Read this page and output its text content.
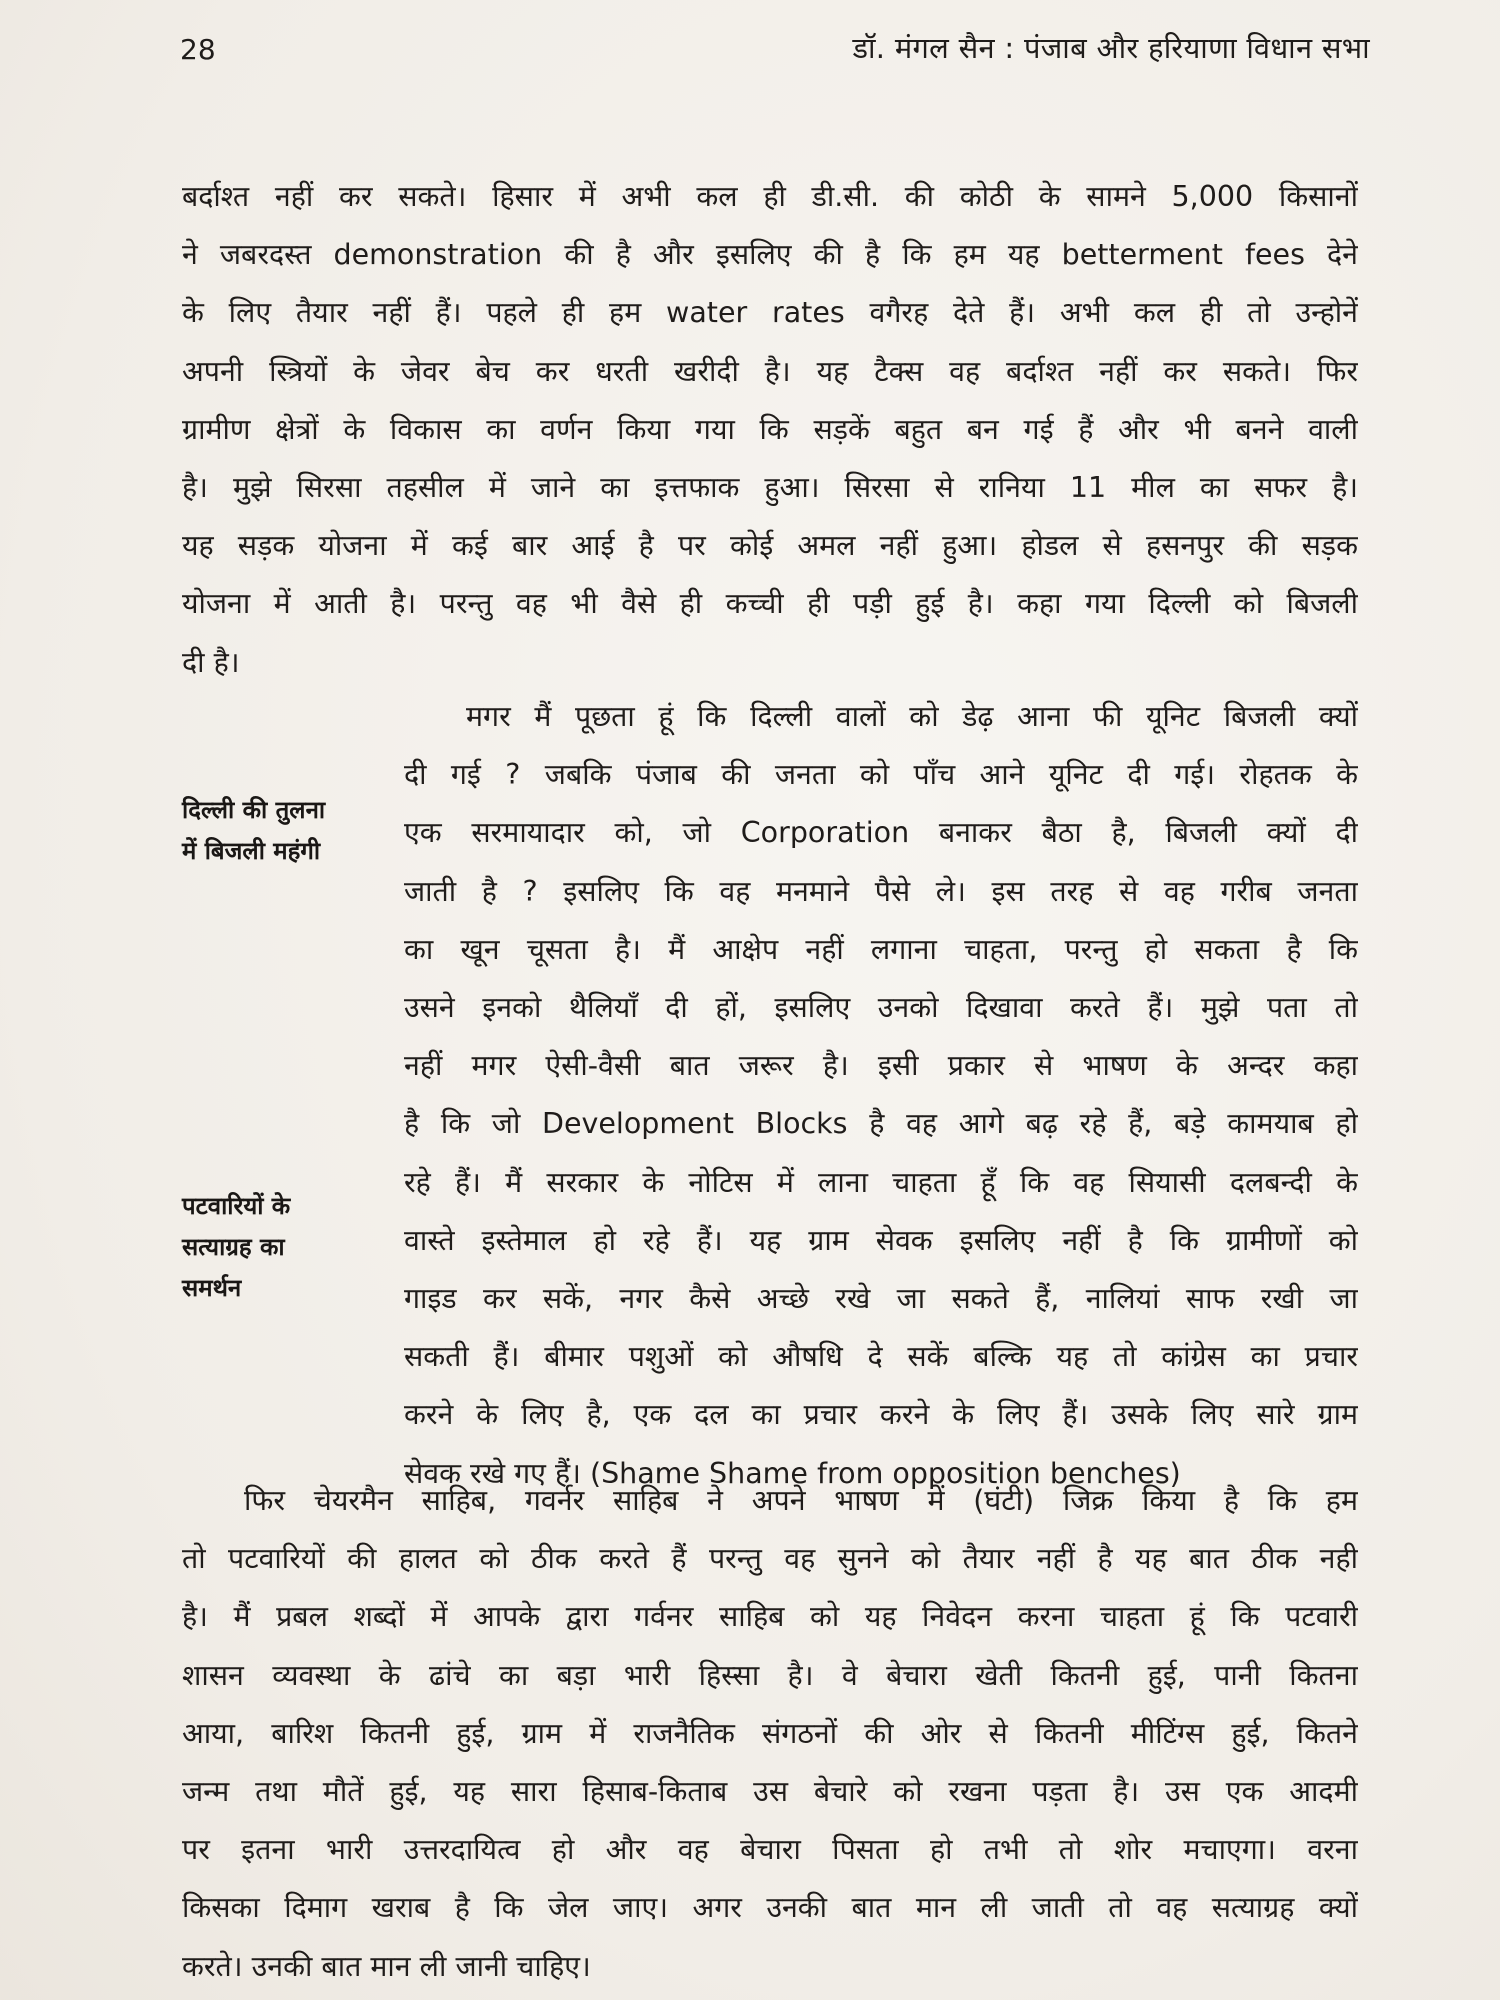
28	डॉ. मंगल सैन : पंजाब और हरियाणा विधान सभा
बर्दाश्त नहीं कर सकते। हिसार में अभी कल ही डी.सी. की कोठी के सामने 5,000 किसानों
ने जबरदस्त demonstration की है और इसलिए की है कि हम यह betterment fees देने
के लिए तैयार नहीं हैं। पहले ही हम water rates वगैरह देते हैं। अभी कल ही तो उन्होनें
अपनी स्त्रियों के जेवर बेच कर धरती खरीदी है। यह टैक्स वह बर्दाश्त नहीं कर सकते। फिर
ग्रामीण क्षेत्रों के विकास का वर्णन किया गया कि सड़कें बहुत बन गई हैं और भी बनने वाली
है। मुझे सिरसा तहसील में जाने का इत्तफाक हुआ। सिरसा से रानिया 11 मील का सफर है।
यह सड़क योजना में कई बार आई है पर कोई अमल नहीं हुआ। होडल से हसनपुर की सड़क
योजना में आती है। परन्तु वह भी वैसे ही कच्ची ही पड़ी हुई है। कहा गया दिल्ली को बिजली
दी है।
दिल्ली की तुलना
में बिजली महंगी
मगर मैं पूछता हूं कि दिल्ली वालों को डेढ़ आना फी यूनिट बिजली क्यों
दी गई ? जबकि पंजाब की जनता को पाँच आने यूनिट दी गई। रोहतक के
एक सरमायादार को, जो Corporation बनाकर बैठा है, बिजली क्यों दी
जाती है ? इसलिए कि वह मनमाने पैसे ले। इस तरह से वह गरीब जनता
का खून चूसता है। मैं आक्षेप नहीं लगाना चाहता, परन्तु हो सकता है कि
उसने इनको थैलियाँ दी हों, इसलिए उनको दिखावा करते हैं। मुझे पता तो
नहीं मगर ऐसी-वैसी बात जरूर है। इसी प्रकार से भाषण के अन्दर कहा
है कि जो Development Blocks है वह आगे बढ़ रहे हैं, बड़े कामयाब हो
रहे हैं। मैं सरकार के नोटिस में लाना चाहता हूँ कि वह सियासी दलबन्दी के
वास्ते इस्तेमाल हो रहे हैं। यह ग्राम सेवक इसलिए नहीं है कि ग्रामीणों को
गाइड कर सकें, नगर कैसे अच्छे रखे जा सकते हैं, नालियां साफ रखी जा
सकती हैं। बीमार पशुओं को औषधि दे सकें बल्कि यह तो कांग्रेस का प्रचार
करने के लिए है, एक दल का प्रचार करने के लिए हैं। उसके लिए सारे ग्राम
सेवक रखे गए हैं। (Shame Shame from opposition benches)
पटवारियों के
सत्याग्रह का
समर्थन
फिर चेयरमैन साहिब, गवर्नर साहिब ने अपने भाषण में (घंटी) जिक्र किया है कि हम
तो पटवारियों की हालत को ठीक करते हैं परन्तु वह सुनने को तैयार नहीं है यह बात ठीक नही
है। मैं प्रबल शब्दों में आपके द्वारा गर्वनर साहिब को यह निवेदन करना चाहता हूं कि पटवारी
शासन व्यवस्था के ढांचे का बड़ा भारी हिस्सा है। वे बेचारा खेती कितनी हुई, पानी कितना
आया, बारिश कितनी हुई, ग्राम में राजनैतिक संगठनों की ओर से कितनी मीटिंग्स हुई, कितने
जन्म तथा मौतें हुई, यह सारा हिसाब-किताब उस बेचारे को रखना पड़ता है। उस एक आदमी
पर इतना भारी उत्तरदायित्व हो और वह बेचारा पिसता हो तभी तो शोर मचाएगा। वरना
किसका दिमाग खराब है कि जेल जाए। अगर उनकी बात मान ली जाती तो वह सत्याग्रह क्यों
करते। उनकी बात मान ली जानी चाहिए।
